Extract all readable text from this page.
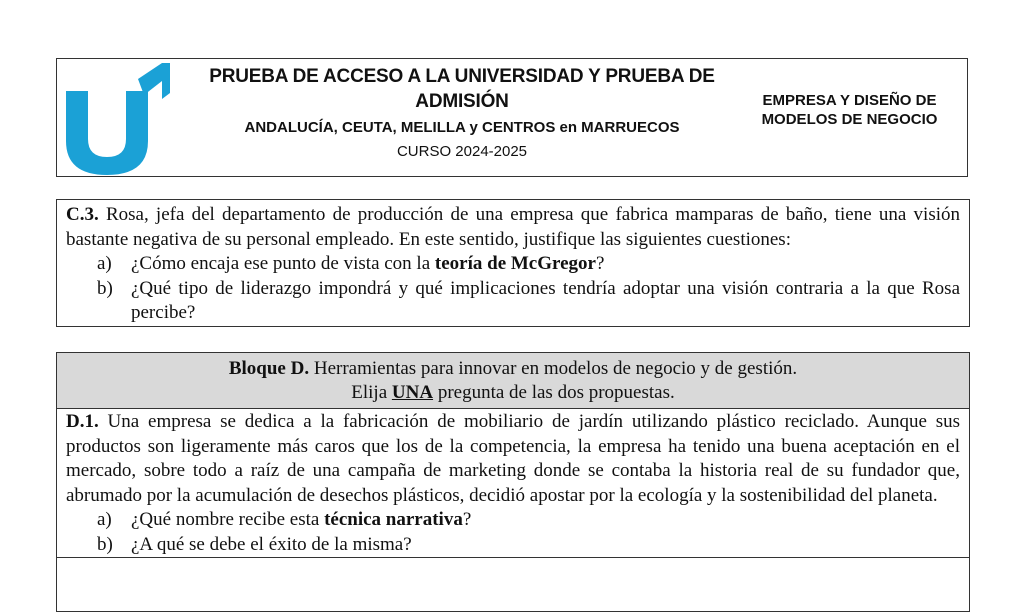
PRUEBA DE ACCESO A LA UNIVERSIDAD Y PRUEBA DE ADMISIÓN
ANDALUCÍA, CEUTA, MELILLA y CENTROS en MARRUECOS
CURSO 2024-2025
EMPRESA Y DISEÑO DE
MODELOS DE NEGOCIO
C.3. Rosa, jefa del departamento de producción de una empresa que fabrica mamparas de baño, tiene una visión bastante negativa de su personal empleado. En este sentido, justifique las siguientes cuestiones:
a)	¿Cómo encaja ese punto de vista con la teoría de McGregor?
b) ¿Qué tipo de liderazgo impondrá y qué implicaciones tendría adoptar una visión contraria a la que Rosa percibe?
Bloque D. Herramientas para innovar en modelos de negocio y de gestión.
Elija UNA pregunta de las dos propuestas.
D.1. Una empresa se dedica a la fabricación de mobiliario de jardín utilizando plástico reciclado. Aunque sus productos son ligeramente más caros que los de la competencia, la empresa ha tenido una buena aceptación en el mercado, sobre todo a raíz de una campaña de marketing donde se contaba la historia real de su fundador que, abrumado por la acumulación de desechos plásticos, decidió apostar por la ecología y la sostenibilidad del planeta.
a)	¿Qué nombre recibe esta técnica narrativa?
b) ¿A qué se debe el éxito de la misma?
